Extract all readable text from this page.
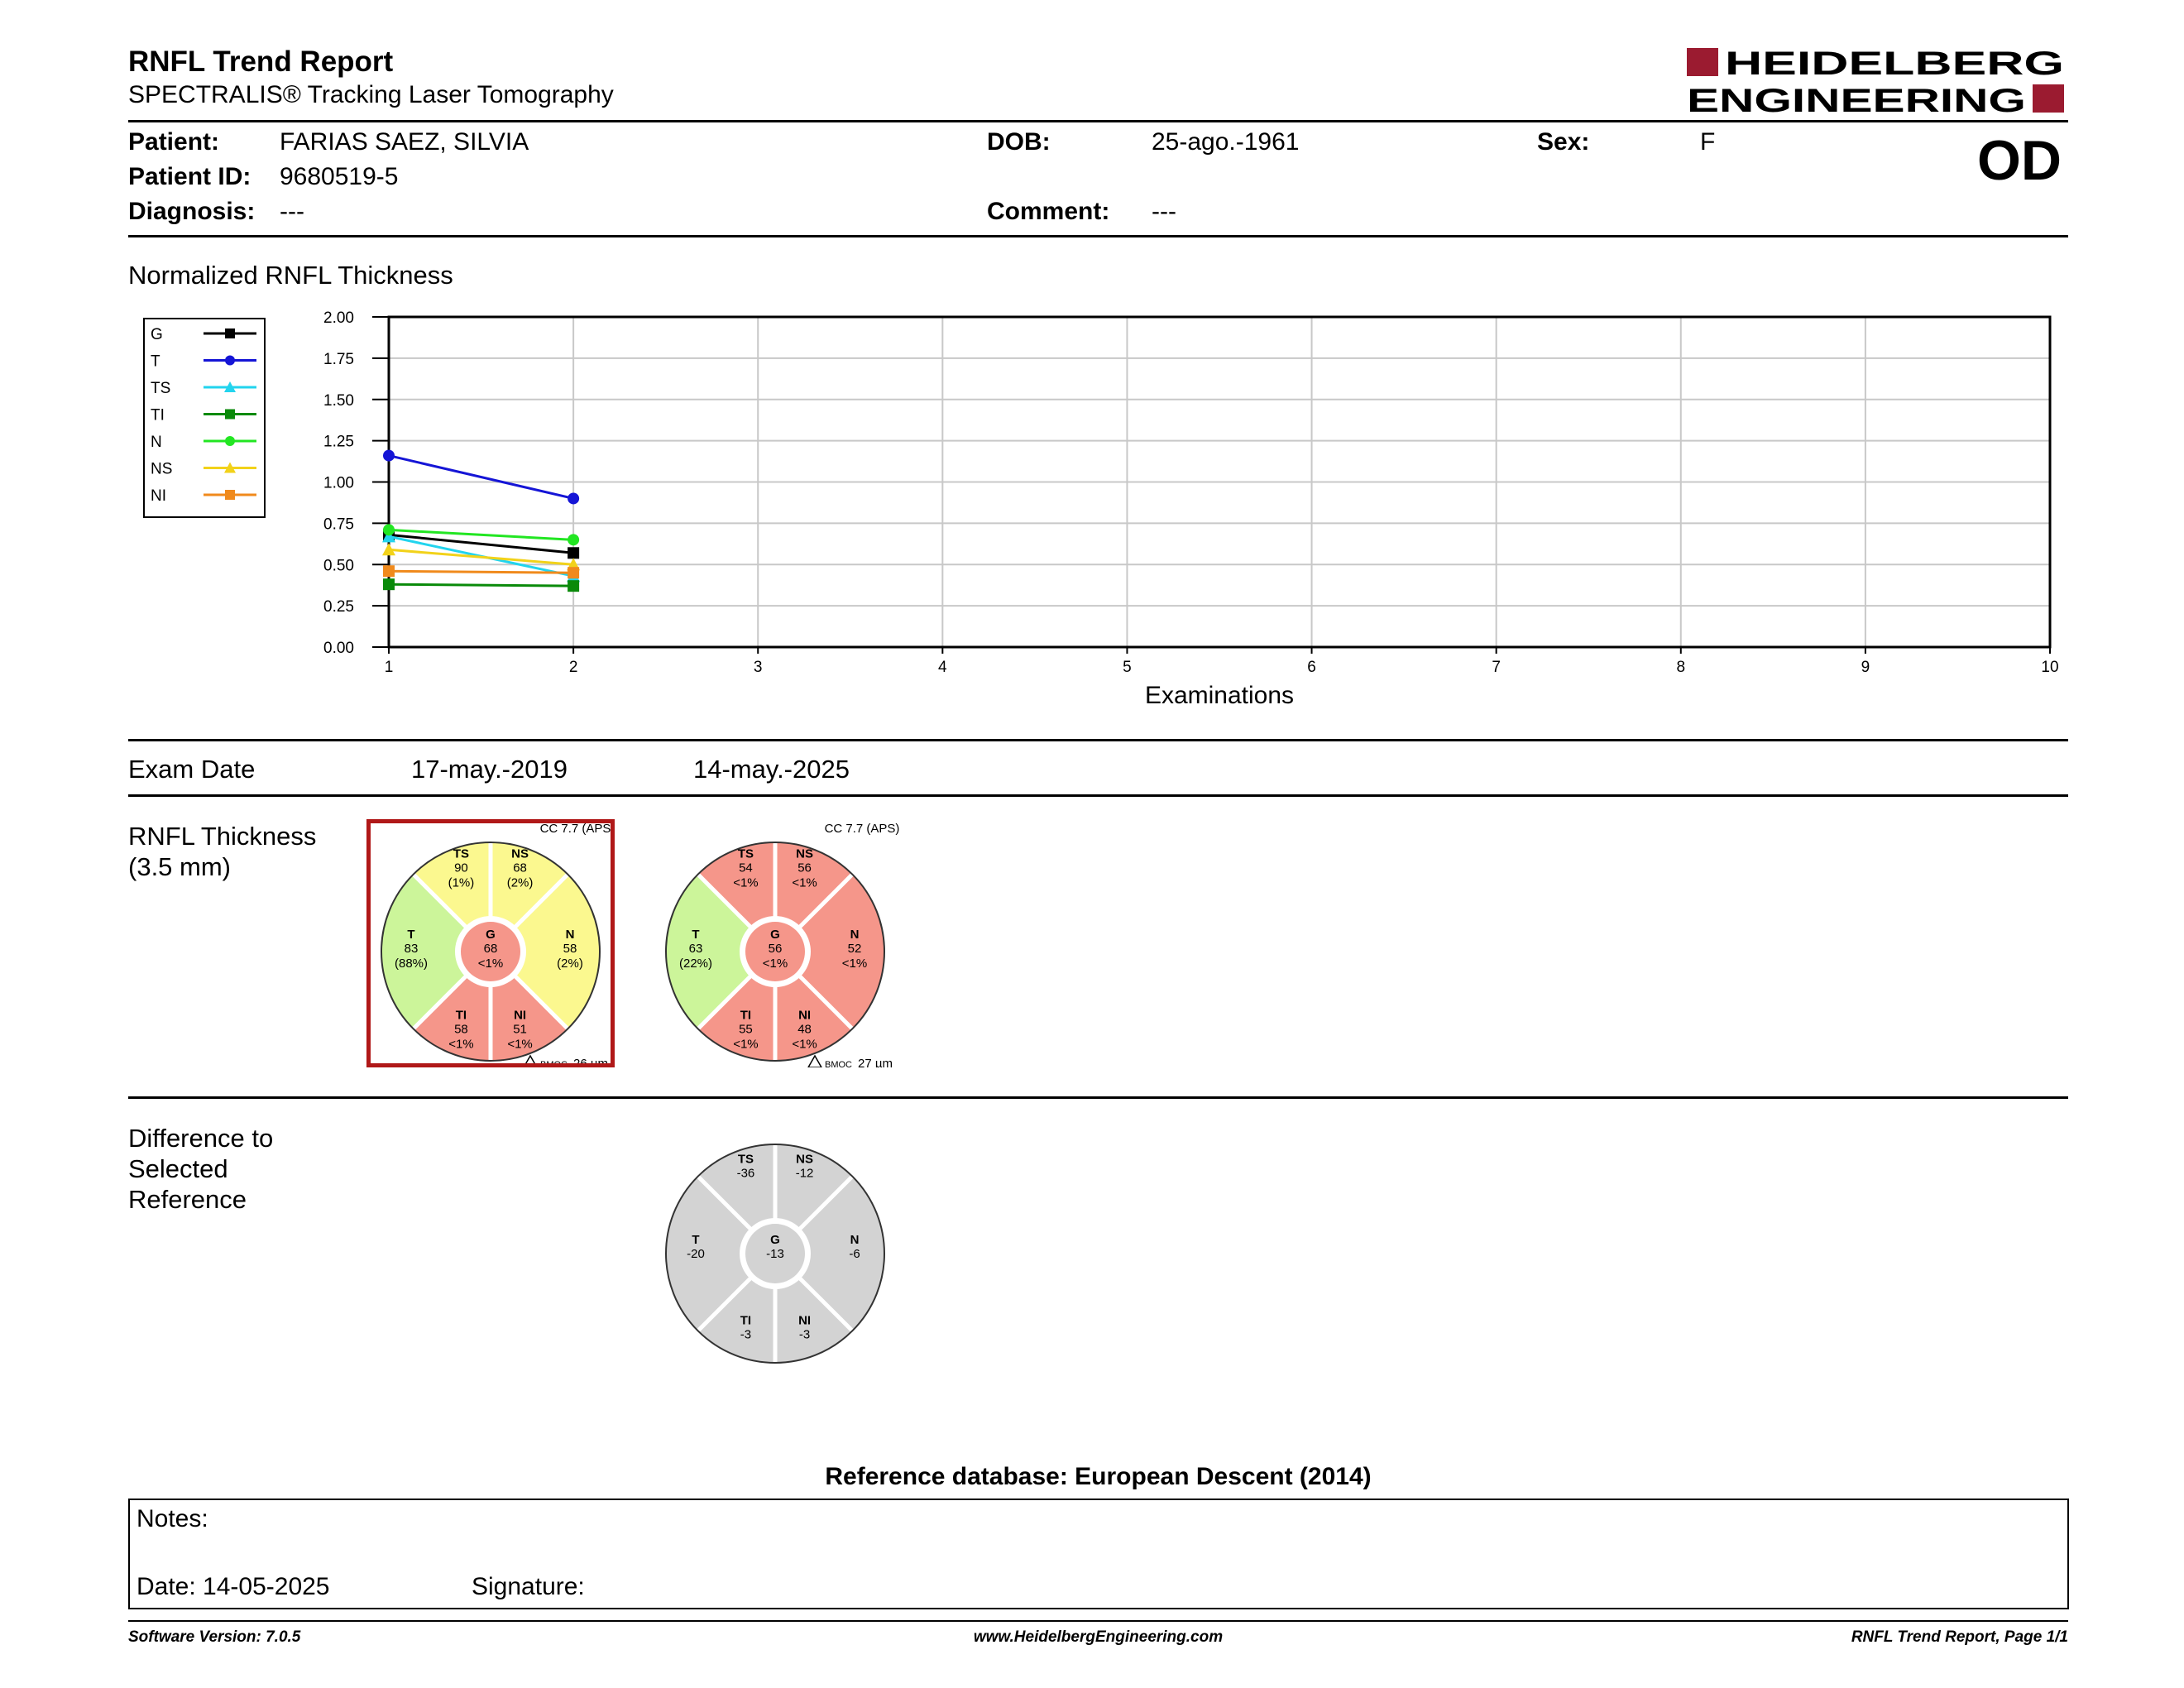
RNFL Trend Report
SPECTRALIS® Tracking Laser Tomography
HEIDELBERG
ENGINEERING
Patient: FARIAS SAEZ, SILVIA
Patient ID: 9680519-5
Diagnosis: ---
DOB:	25-ago.-1961
Comment: ---
Sex:	F	OD
Normalized RNFL Thickness
G
T
TS
TI
N
NS
NI
1	2	3	4	5	6	7	8	9	10
0.00
0.25
0.50
0.75
1.00
1.25
1.50
1.75
2.00
Examinations
Exam Date	17-may.-2019	14-may.-2025
RNFL Thickness
(3.5 mm)
G
68
<1%
N
58
(2%)
NS
68
(2%)
TS
90
(1%)
T
83
(88%)
TI
58
<1%
NI
51
<1%
CC 7.7 (APS)
BMOC 26 µm
G
56
<1%
N
52
<1%
NS
56
<1%
TS
54
<1%
T
63
(22%)
TI
55
<1%
NI
48
<1%
CC 7.7 (APS)
BMOC 27 µm
Difference to
Selected
Reference
G
-13
N
-6
NS
-12
TS
-36
T
-20
TI
-3
NI
-3
Reference database: European Descent (2014)
Notes:
Date: 14-05-2025	Signature:
Software Version: 7.0.5	www.HeidelbergEngineering.com	RNFL Trend Report, Page 1/1
